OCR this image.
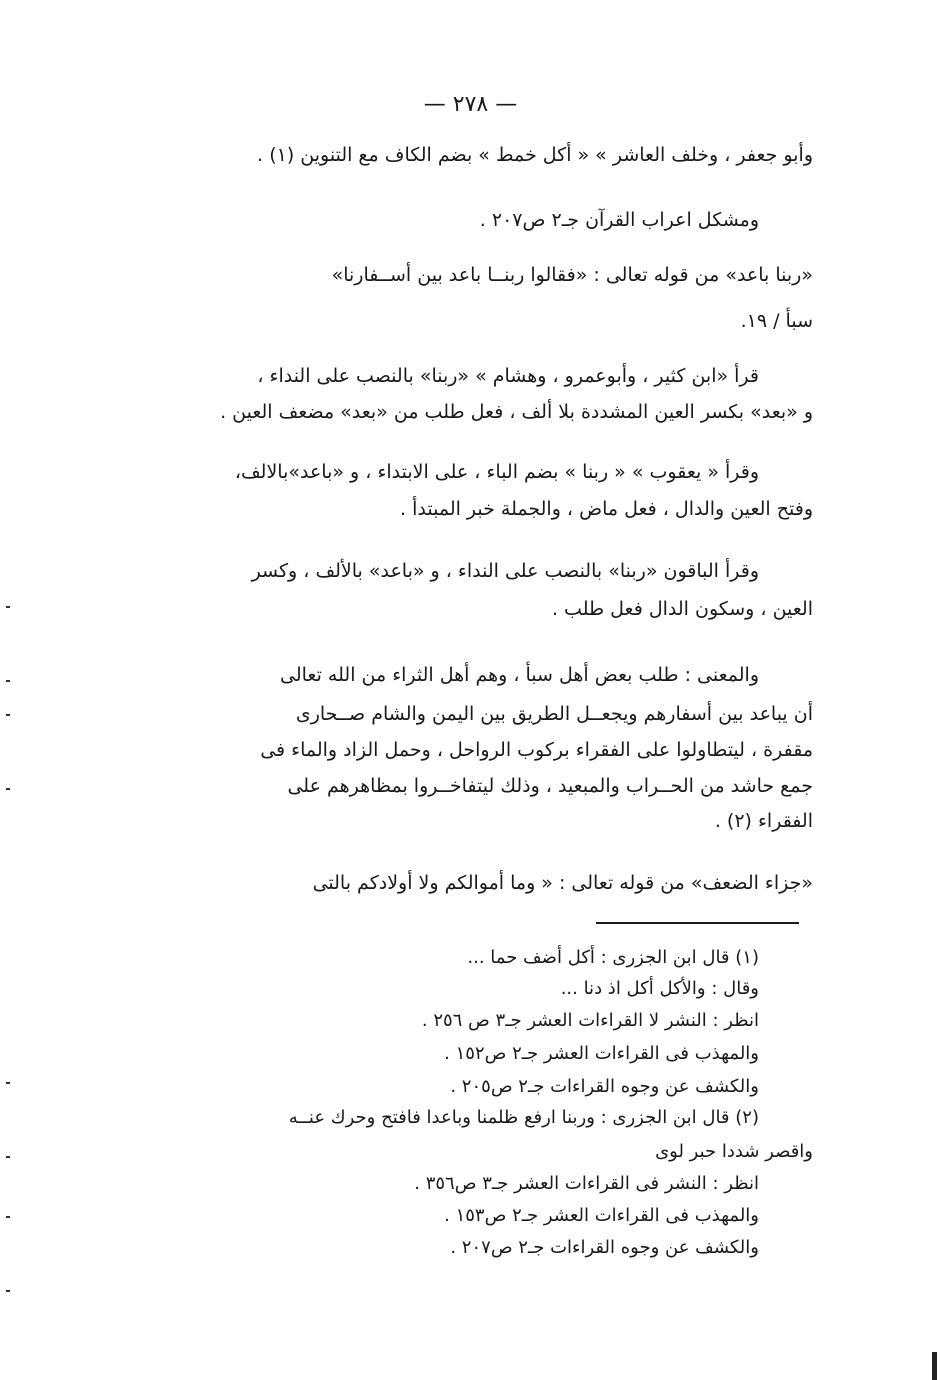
— ٢٧٨ —
وأبو جعفر ، وخلف العاشر » « أكل خمط » بضم الكاف مع التنوين (١) .
ومشكل اعراب القرآن جـ٢ ص٢٠٧ .
«ربنا باعد» من قوله تعالى : «فقالوا ربنــا باعد بين أســفارنا»
سبأ / ١٩.
قرأ «ابن كثير ، وأبوعمرو ، وهشام » «ربنا» بالنصب على النداء ،
و «بعد» بكسر العين المشددة بلا ألف ، فعل طلب من «بعد» مضعف العين .
وقرأ « يعقوب » « ربنا » بضم الباء ، على الابتداء ، و «باعد»بالالف،
وفتح العين والدال ، فعل ماض ، والجملة خبر المبتدأ .
وقرأ الباقون «ربنا» بالنصب على النداء ، و «باعد» بالألف ، وكسر
العين ، وسكون الدال فعل طلب .
والمعنى : طلب بعض أهل سبأ ، وهم أهل الثراء من الله تعالى
أن يباعد بين أسفارهم ويجعــل الطريق بين اليمن والشام صــحارى
مقفرة ، ليتطاولوا على الفقراء بركوب الرواحل ، وحمل الزاد والماء فى
جمع حاشد من الحــراب والمبعيد ، وذلك ليتفاخــروا بمظاهرهم على
الفقراء (٢) .
«جزاء الضعف» من قوله تعالى : « وما أموالكم ولا أولادكم بالتى
(١) قال ابن الجزرى : أكل أضف حما ...
وقال : والأكل أكل اذ دنا ...
انظر : النشر لا القراءات العشر جـ٣ ص ٢٥٦ .
والمهذب فى القراءات العشر جـ٢ ص١٥٢ .
والكشف عن وجوه القراءات جـ٢ ص٢٠٥ .
(٢) قال ابن الجزرى : وربنا ارفع ظلمنا وباعدا فافتح وحرك عنــه
واقصر شددا حبر لوى
انظر : النشر فى القراءات العشر جـ٣ ص٣٥٦ .
والمهذب فى القراءات العشر جـ٢ ص١٥٣ .
والكشف عن وجوه القراءات جـ٢ ص٢٠٧ .
